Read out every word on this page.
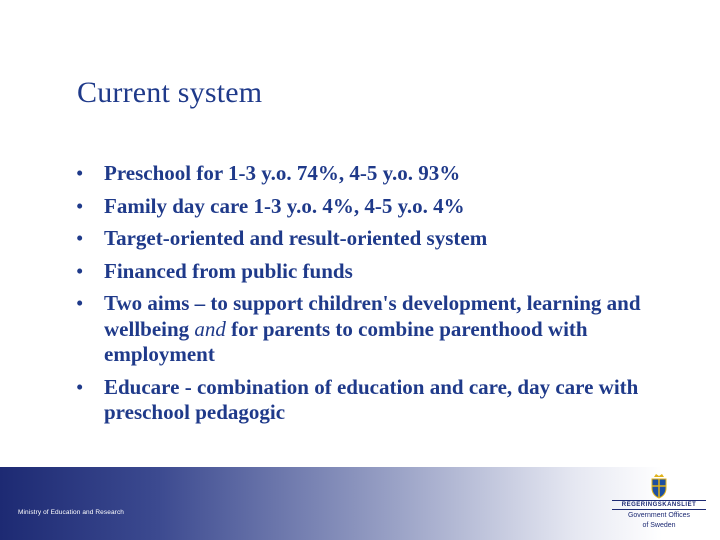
Current system
• Preschool for 1-3 y.o. 74%, 4-5 y.o. 93%
• Family day care 1-3 y.o. 4%, 4-5 y.o. 4%
• Target-oriented and result-oriented system
• Financed from public funds
• Two aims – to support children's development, learning and wellbeing and for parents to combine parenthood with employment
• Educare - combination of education and care, day care with preschool pedagogic
Ministry of Education and Research
REGERINGSKANSLIET
Government Offices
of Sweden
